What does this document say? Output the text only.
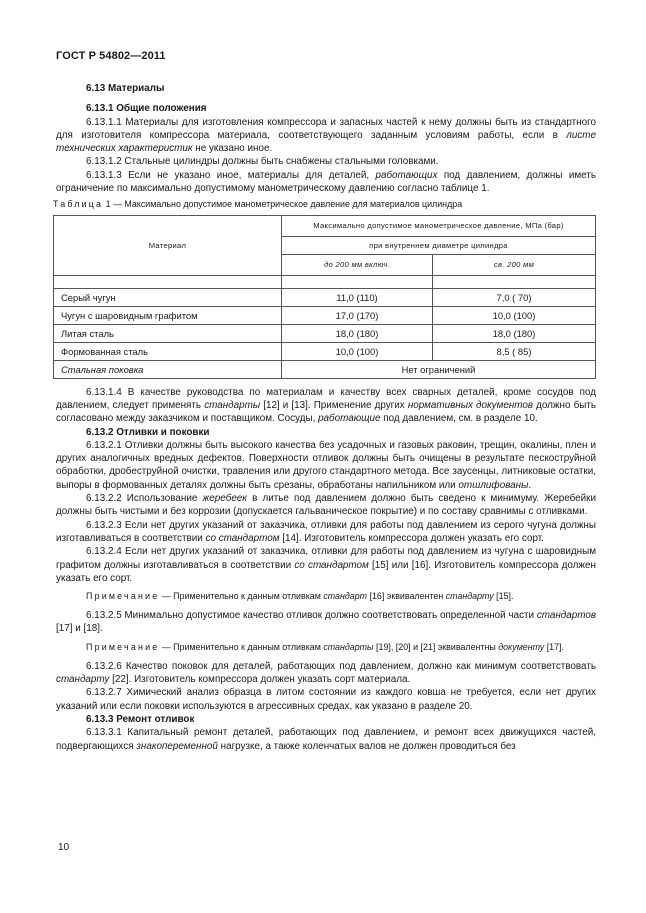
ГОСТ Р 54802—2011
6.13 Материалы
6.13.1 Общие положения

6.13.1.1 Материалы для изготовления компрессора и запасных частей к нему должны быть из стандартного для изготовителя компрессора материала, соответствующего заданным условиям работы, если в листе технических характеристик не указано иное.

6.13.1.2 Стальные цилиндры должны быть снабжены стальными головками.

6.13.1.3 Если не указано иное, материалы для деталей, работающих под давлением, должны иметь ограничение по максимально допустимому манометрическому давлению согласно таблице 1.

Таблица 1 — Максимально допустимое манометрическое давление для материалов цилиндра
Материал	Максимально допустимое манометрическое давление, МПа (бар)	
	при внутреннем диаметре цилиндра	
	до 200 мм включ.	св. 200 мм

Серый чугун	11,0 (110)	7,0 ( 70)
Чугун с шаровидным графитом	17,0 (170)	10,0 (100)
Литая сталь	18,0 (180)	18,0 (180)
Формованная сталь	10,0 (100)	8,5 ( 85)
Стальная поковка	Нет ограничений	

6.13.1.4 В качестве руководства по материалам и качеству всех сварных деталей, кроме сосудов под давлением, следует применять стандарты [12] и [13]. Применение других нормативных документов должно быть согласовано между заказчиком и поставщиком. Сосуды, работающие под давлением, см. в разделе 10.

6.13.2 Отливки и поковки

6.13.2.1 Отливки должны быть высокого качества без усадочных и газовых раковин, трещин, окалины, плен и других аналогичных вредных дефектов. Поверхности отливок должны быть очищены в результате пескоструйной обработки, дробеструйной очистки, травления или другого стандартного метода. Все заусенцы, литниковые остатки, выпоры в формованных деталях должны быть срезаны, обработаны напильником или отшлифованы.

6.13.2.2 Использование жеребеек в литье под давлением должно быть сведено к минимуму. Жеребейки должны быть чистыми и без коррозии (допускается гальваническое покрытие) и по составу сравнимы с отливками.

6.13.2.3 Если нет других указаний от заказчика, отливки для работы под давлением из серого чугуна должны изготавливаться в соответствии со стандартом [14]. Изготовитель компрессора должен указать его сорт.

6.13.2.4 Если нет других указаний от заказчика, отливки для работы под давлением из чугуна с шаровидным графитом должны изготавливаться в соответствии со стандартом [15] или [16]. Изготовитель компрессора должен указать его сорт.

Примечание — Применительно к данным отливкам стандарт [16] эквивалентен стандарту [15].

6.13.2.5 Минимально допустимое качество отливок должно соответствовать определенной части стандартов [17] и [18].

Примечание — Применительно к данным отливкам стандарты [19], [20] и [21] эквивалентны документу [17].

6.13.2.6 Качество поковок для деталей, работающих под давлением, должно как минимум соответствовать стандарту [22]. Изготовитель компрессора должен указать сорт материала.

6.13.2.7 Химический анализ образца в литом состоянии из каждого ковша не требуется, если нет других указаний или если поковки используются в агрессивных средах, как указано в разделе 20.

6.13.3 Ремонт отливок

6.13.3.1 Капитальный ремонт деталей, работающих под давлением, и ремонт всех движущихся частей, подвергающихся знакопеременной нагрузке, а также коленчатых валов не должен проводиться без

10
